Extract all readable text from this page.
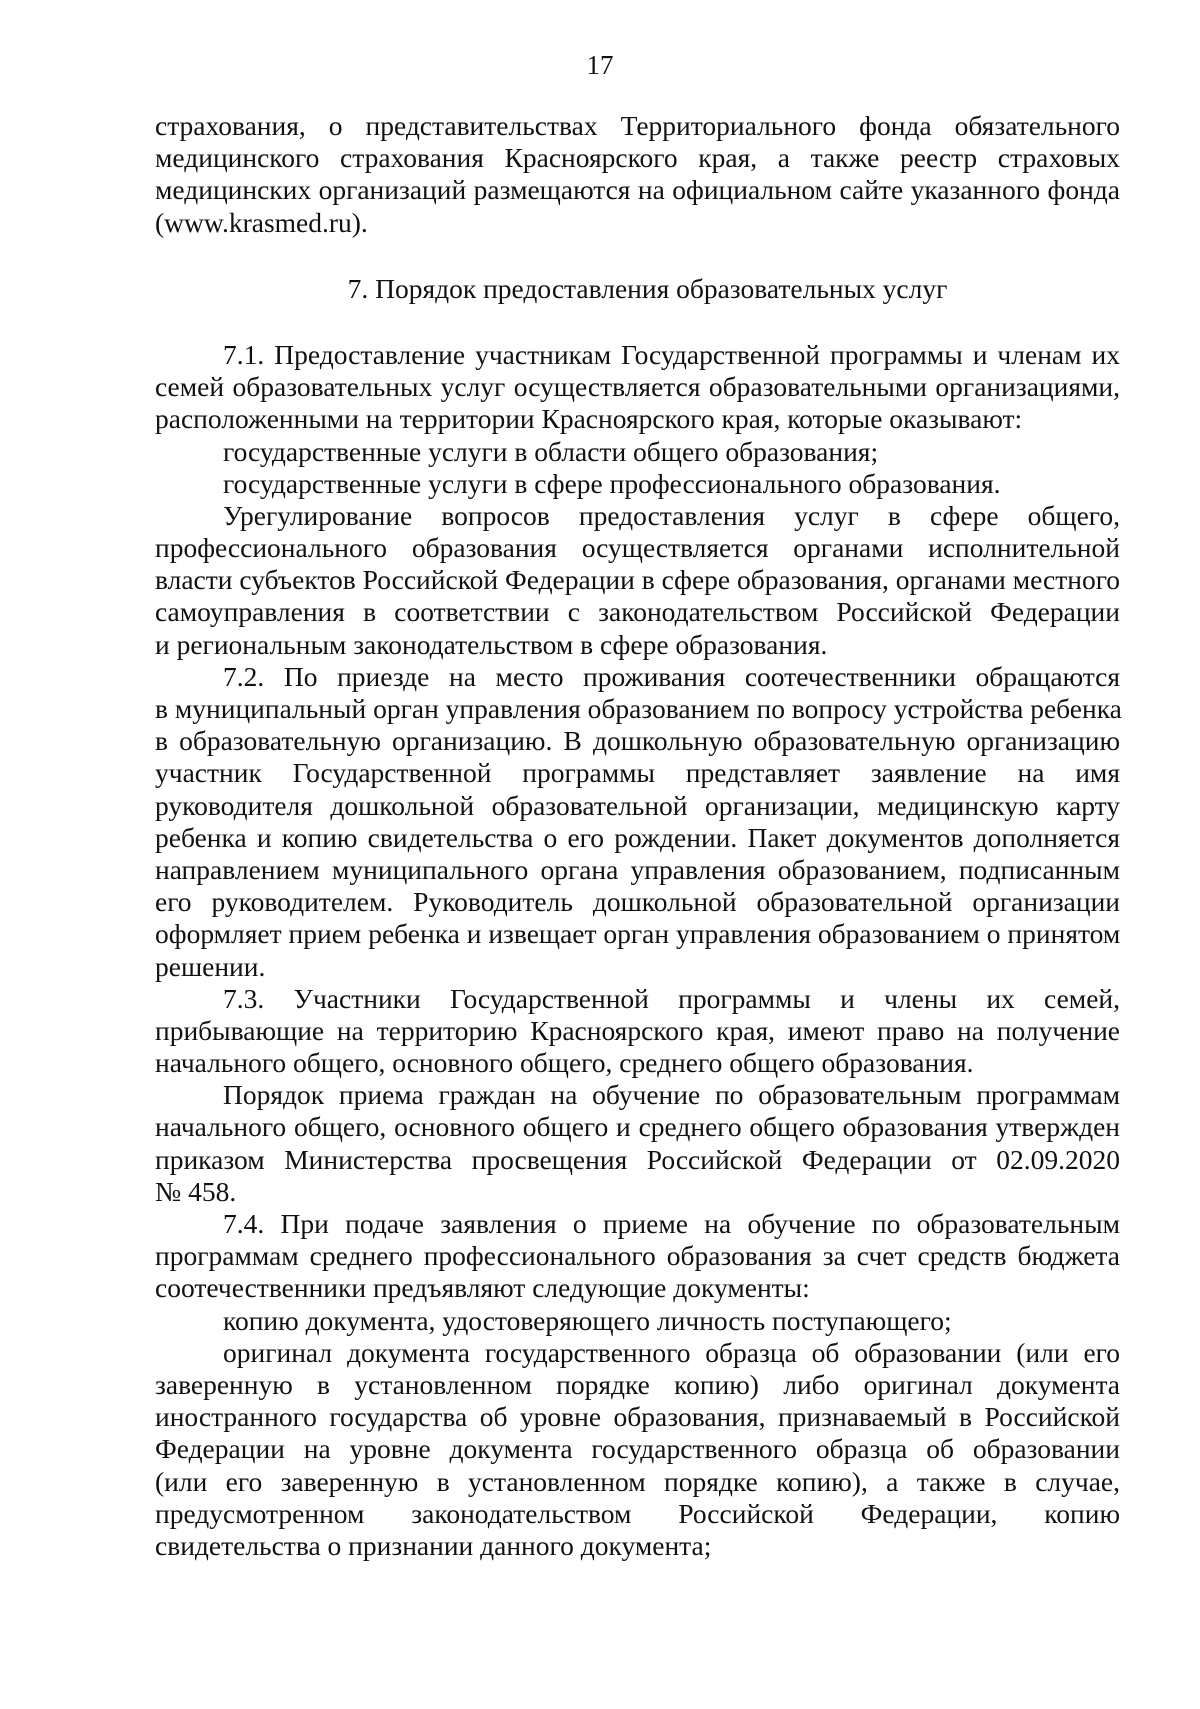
17
страхования, о представительствах Территориального фонда обязательного
медицинского страхования Красноярского края, а также реестр страховых
медицинских организаций размещаются на официальном сайте указанного фонда
(www.krasmed.ru).
7. Порядок предоставления образовательных услуг
7.1. Предоставление участникам Государственной программы и членам их
семей образовательных услуг осуществляется образовательными организациями,
расположенными на территории Красноярского края, которые оказывают:
государственные услуги в области общего образования;
государственные услуги в сфере профессионального образования.
Урегулирование вопросов предоставления услуг в сфере общего,
профессионального образования осуществляется органами исполнительной
власти субъектов Российской Федерации в сфере образования, органами местного
самоуправления в соответствии с законодательством Российской Федерации
и региональным законодательством в сфере образования.
7.2. По приезде на место проживания соотечественники обращаются
в муниципальный орган управления образованием по вопросу устройства ребенка
в образовательную организацию. В дошкольную образовательную организацию
участник Государственной программы представляет заявление на имя
руководителя дошкольной образовательной организации, медицинскую карту
ребенка и копию свидетельства о его рождении. Пакет документов дополняется
направлением муниципального органа управления образованием, подписанным
его руководителем. Руководитель дошкольной образовательной организации
оформляет прием ребенка и извещает орган управления образованием о принятом
решении.
7.3. Участники Государственной программы и члены их семей,
прибывающие на территорию Красноярского края, имеют право на получение
начального общего, основного общего, среднего общего образования.
Порядок приема граждан на обучение по образовательным программам
начального общего, основного общего и среднего общего образования утвержден
приказом Министерства просвещения Российской Федерации от 02.09.2020
№ 458.
7.4. При подаче заявления о приеме на обучение по образовательным
программам среднего профессионального образования за счет средств бюджета
соотечественники предъявляют следующие документы:
копию документа, удостоверяющего личность поступающего;
оригинал документа государственного образца об образовании (или его
заверенную в установленном порядке копию) либо оригинал документа
иностранного государства об уровне образования, признаваемый в Российской
Федерации на уровне документа государственного образца об образовании
(или его заверенную в установленном порядке копию), а также в случае,
предусмотренном законодательством Российской Федерации, копию
свидетельства о признании данного документа;
